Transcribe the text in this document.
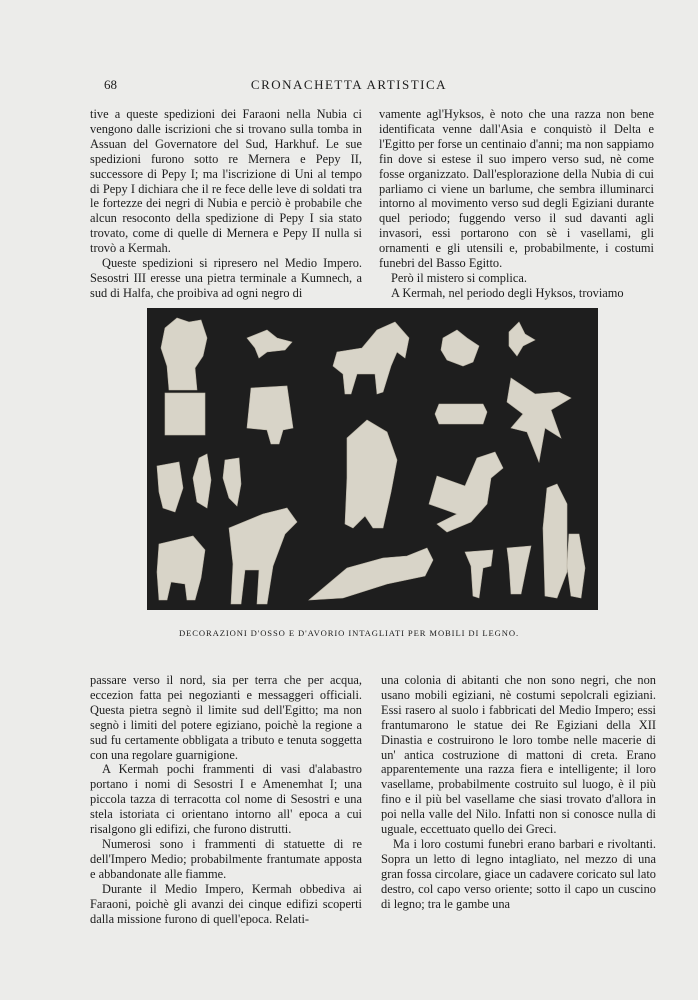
68	CRONACHETTA ARTISTICA

tive a queste spedizioni dei Faraoni nella Nubia ci vengono dalle iscrizioni che si trovano sulla tomba in Assuan del Governatore del Sud, Harkhuf. Le sue spedizioni furono sotto re Mernera e Pepy II, successore di Pepy I; ma l'iscrizione di Uni al tempo di Pepy I dichiara che il re fece delle leve di soldati tra le fortezze dei negri di Nubia e perciò è probabile che alcun resoconto della spedizione di Pepy I sia stato trovato, come di quelle di Mernera e Pepy II nulla si trovò a Kermah.

Queste spedizioni si ripresero nel Medio Impero. Sesostri III eresse una pietra terminale a Kumnech, a sud di Halfa, che proibiva ad ogni negro di

vamente agl'Hyksos, è noto che una razza non bene identificata venne dall'Asia e conquistò il Delta e l'Egitto per forse un centinaio d'anni; ma non sappiamo fin dove si estese il suo impero verso sud, nè come fosse organizzato. Dall'esplorazione della Nubia di cui parliamo ci viene un barlume, che sembra illuminarci intorno al movimento verso sud degli Egiziani durante quel periodo; fuggendo verso il sud davanti agli invasori, essi portarono con sè i vasellami, gli ornamenti e gli utensili e, probabilmente, i costumi funebri del Basso Egitto.

Però il mistero si complica.

A Kermah, nel periodo degli Hyksos, troviamo

DECORAZIONI D'OSSO E D'AVORIO INTAGLIATI PER MOBILI DI LEGNO.

passare verso il nord, sia per terra che per acqua, eccezion fatta pei negozianti e messaggeri officiali. Questa pietra segnò il limite sud dell'Egitto; ma non segnò i limiti del potere egiziano, poichè la regione a sud fu certamente obbligata a tributo e tenuta soggetta con una regolare guarnigione.

A Kermah pochi frammenti di vasi d'alabastro portano i nomi di Sesostri I e Amenemhat I; una piccola tazza di terracotta col nome di Sesostri e una stela istoriata ci orientano intorno all' epoca a cui risalgono gli edifizi, che furono distrutti.

Numerosi sono i frammenti di statuette di re dell'Impero Medio; probabilmente frantumate apposta e abbandonate alle fiamme.

Durante il Medio Impero, Kermah obbediva ai Faraoni, poichè gli avanzi dei cinque edifizi scoperti dalla missione furono di quell'epoca. Relati-

una colonia di abitanti che non sono negri, che non usano mobili egiziani, nè costumi sepolcrali egiziani. Essi rasero al suolo i fabbricati del Medio Impero; essi frantumarono le statue dei Re Egiziani della XII Dinastia e costruirono le loro tombe nelle macerie di un' antica costruzione di mattoni di creta. Erano apparentemente una razza fiera e intelligente; il loro vasellame, probabilmente costruito sul luogo, è il più fino e il più bel vasellame che siasi trovato d'allora in poi nella valle del Nilo. Infatti non si conosce nulla di uguale, eccettuato quello dei Greci.

Ma i loro costumi funebri erano barbari e rivoltanti. Sopra un letto di legno intagliato, nel mezzo di una gran fossa circolare, giace un cadavere coricato sul lato destro, col capo verso oriente; sotto il capo un cuscino di legno; tra le gambe una
